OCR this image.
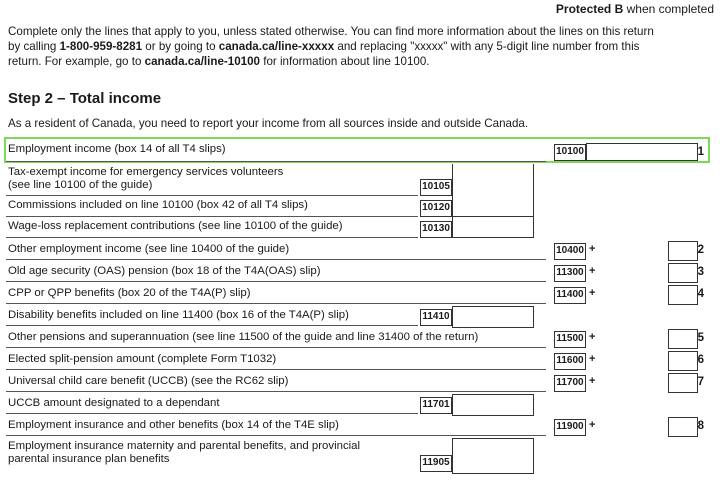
Protected B when completed
Complete only the lines that apply to you, unless stated otherwise. You can find more information about the lines on this return
by calling 1-800-959-8281 or by going to canada.ca/line-xxxxx and replacing "xxxxx" with any 5-digit line number from this
return. For example, go to canada.ca/line-10100 for information about line 10100.
Step 2 – Total income
As a resident of Canada, you need to report your income from all sources inside and outside Canada.
Employment income (box 14 of all T4 slips)	10100	1
Tax-exempt income for emergency services volunteers
(see line 10100 of the guide)	10105
Commissions included on line 10100 (box 42 of all T4 slips)	10120
Wage-loss replacement contributions (see line 10100 of the guide)	10130
Other employment income (see line 10400 of the guide)	10400 +	2
Old age security (OAS) pension (box 18 of the T4A(OAS) slip)	11300 +	3
CPP or QPP benefits (box 20 of the T4A(P) slip)	11400 +	4
Disability benefits included on line 11400 (box 16 of the T4A(P) slip)	11410
Other pensions and superannuation (see line 11500 of the guide and line 31400 of the return)	11500 +	5
Elected split-pension amount (complete Form T1032)	11600 +	6
Universal child care benefit (UCCB) (see the RC62 slip)	11700 +	7
UCCB amount designated to a dependant	11701
Employment insurance and other benefits (box 14 of the T4E slip)	11900 +	8
Employment insurance maternity and parental benefits, and provincial
parental insurance plan benefits	11905
